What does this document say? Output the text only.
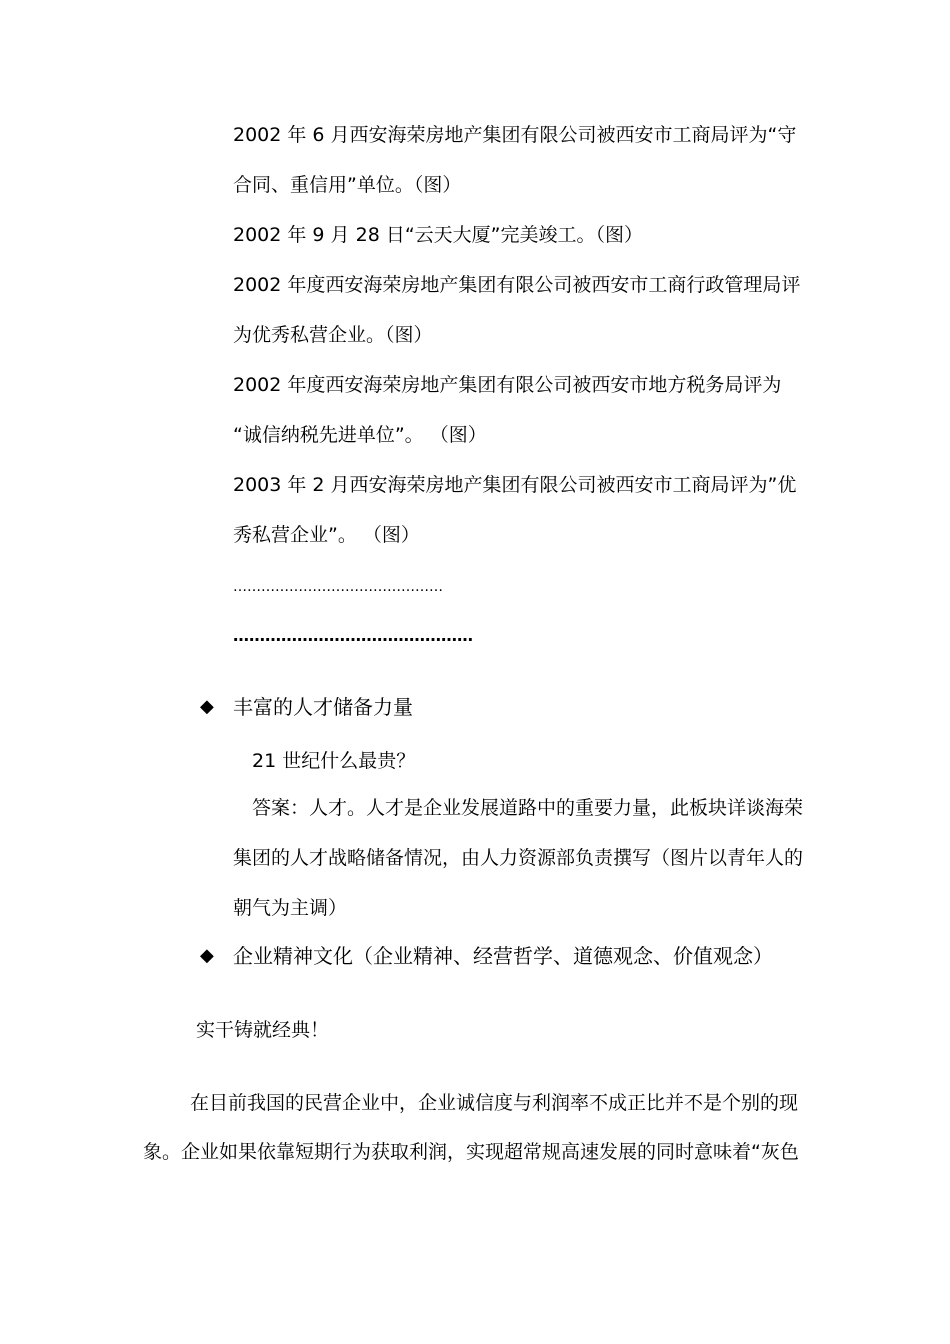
2002 年 6 月西安海荣房地产集团有限公司被西安市工商局评为“守

合同、重信用”单位。（图）

2002 年 9 月 28 日“云天大厦”完美竣工。（图）

2002 年度西安海荣房地产集团有限公司被西安市工商行政管理局评

为优秀私营企业。（图）

2002 年度西安海荣房地产集团有限公司被西安市地方税务局评为

“诚信纳税先进单位”。 （图）

2003 年 2 月西安海荣房地产集团有限公司被西安市工商局评为”优

秀私营企业”。 （图）

………………………………………
………………………………………
◆ 丰富的人才储备力量

21 世纪什么最贵？

答案：人才。人才是企业发展道路中的重要力量，此板块详谈海荣

集团的人才战略储备情况，由人力资源部负责撰写（图片以青年人的

朝气为主调）

◆ 企业精神文化（企业精神、经营哲学、道德观念、价值观念）

实干铸就经典！

在目前我国的民营企业中，企业诚信度与利润率不成正比并不是个别的现

象。企业如果依靠短期行为获取利润，实现超常规高速发展的同时意味着“灰色
